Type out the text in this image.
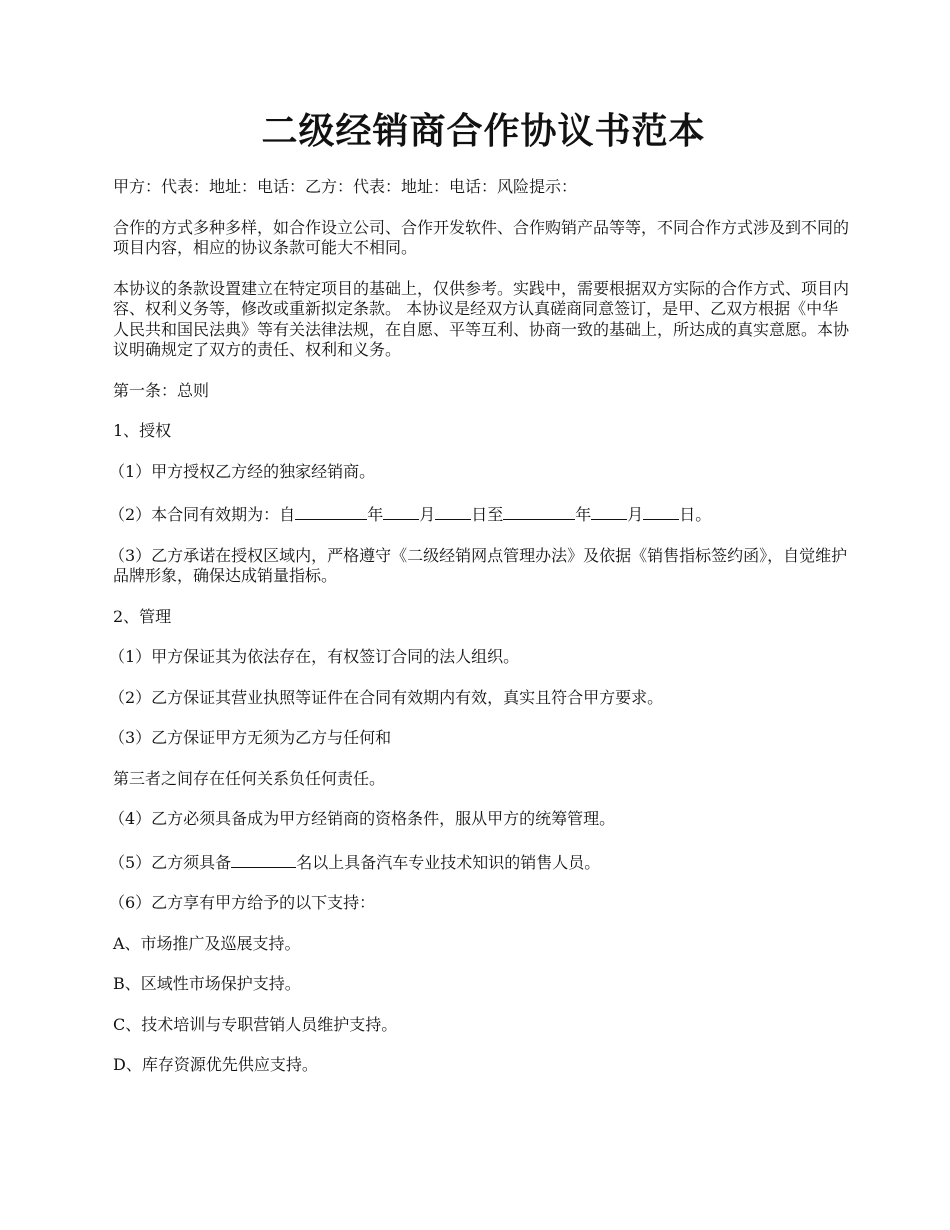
二级经销商合作协议书范本

甲方：代表：地址：电话：乙方：代表：地址：电话：风险提示：

合作的方式多种多样，如合作设立公司、合作开发软件、合作购销产品等等，不同合作方式涉及到不同的项目内容，相应的协议条款可能大不相同。

本协议的条款设置建立在特定项目的基础上，仅供参考。实践中，需要根据双方实际的合作方式、项目内容、权利义务等，修改或重新拟定条款。 本协议是经双方认真磋商同意签订，是甲、乙双方根据《中华人民共和国民法典》等有关法律法规，在自愿、平等互利、协商一致的基础上，所达成的真实意愿。本协议明确规定了双方的责任、权利和义务。

第一条：总则

1、授权

（1）甲方授权乙方经的独家经销商。

（2）本合同有效期为：自	年 月 日至	年 月 日。

（3）乙方承诺在授权区域内，严格遵守《二级经销网点管理办法》及依据《销售指标签约函》，自觉维护品牌形象，确保达成销量指标。

2、管理

（1）甲方保证其为依法存在，有权签订合同的法人组织。

（2）乙方保证其营业执照等证件在合同有效期内有效，真实且符合甲方要求。

（3）乙方保证甲方无须为乙方与任何和

第三者之间存在任何关系负任何责任。

（4）乙方必须具备成为甲方经销商的资格条件，服从甲方的统筹管理。

（5）乙方须具备	名以上具备汽车专业技术知识的销售人员。

（6）乙方享有甲方给予的以下支持：

A、市场推广及巡展支持。

B、区域性市场保护支持。

C、技术培训与专职营销人员维护支持。

D、库存资源优先供应支持。
